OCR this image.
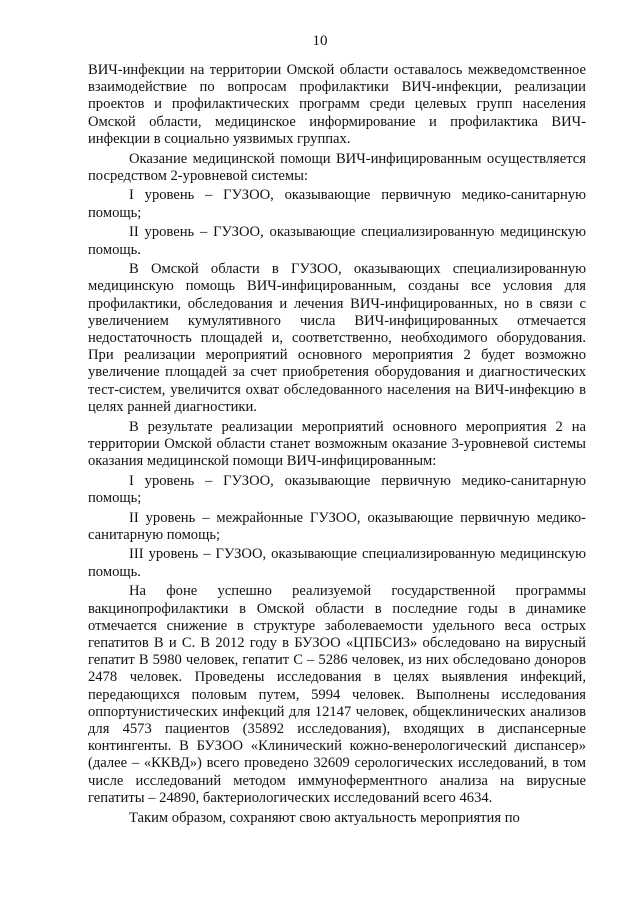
10

ВИЧ-инфекции на территории Омской области оставалось межведомственное взаимодействие по вопросам профилактики ВИЧ-инфекции, реализации проектов и профилактических программ среди целевых групп населения Омской области, медицинское информирование и профилактика ВИЧ-инфекции в социально уязвимых группах.

Оказание медицинской помощи ВИЧ-инфицированным осуществляется посредством 2-уровневой системы:

I уровень – ГУЗОО, оказывающие первичную медико-санитарную помощь;

II уровень – ГУЗОО, оказывающие специализированную медицинскую помощь.

В Омской области в ГУЗОО, оказывающих специализированную медицинскую помощь ВИЧ-инфицированным, созданы все условия для профилактики, обследования и лечения ВИЧ-инфицированных, но в связи с увеличением кумулятивного числа ВИЧ-инфицированных отмечается недостаточность площадей и, соответственно, необходимого оборудования. При реализации мероприятий основного мероприятия 2 будет возможно увеличение площадей за счет приобретения оборудования и диагностических тест-систем, увеличится охват обследованного населения на ВИЧ-инфекцию в целях ранней диагностики.

В результате реализации мероприятий основного мероприятия 2 на территории Омской области станет возможным оказание 3-уровневой системы оказания медицинской помощи ВИЧ-инфицированным:

I уровень – ГУЗОО, оказывающие первичную медико-санитарную помощь;

II уровень – межрайонные ГУЗОО, оказывающие первичную медико-санитарную помощь;

III уровень – ГУЗОО, оказывающие специализированную медицинскую помощь.

На фоне успешно реализуемой государственной программы вакцинопрофилактики в Омской области в последние годы в динамике отмечается снижение в структуре заболеваемости удельного веса острых гепатитов В и С. В 2012 году в БУЗОО «ЦПБСИЗ» обследовано на вирусный гепатит В 5980 человек, гепатит С – 5286 человек, из них обследовано доноров 2478 человек. Проведены исследования в целях выявления инфекций, передающихся половым путем, 5994 человек. Выполнены исследования оппортунистических инфекций для 12147 человек, общеклинических анализов для 4573 пациентов (35892 исследования), входящих в диспансерные контингенты. В БУЗОО «Клинический кожно-венерологический диспансер» (далее – «ККВД») всего проведено 32609 серологических исследований, в том числе исследований методом иммуноферментного анализа на вирусные гепатиты – 24890, бактериологических исследований всего 4634.

Таким образом, сохраняют свою актуальность мероприятия по
